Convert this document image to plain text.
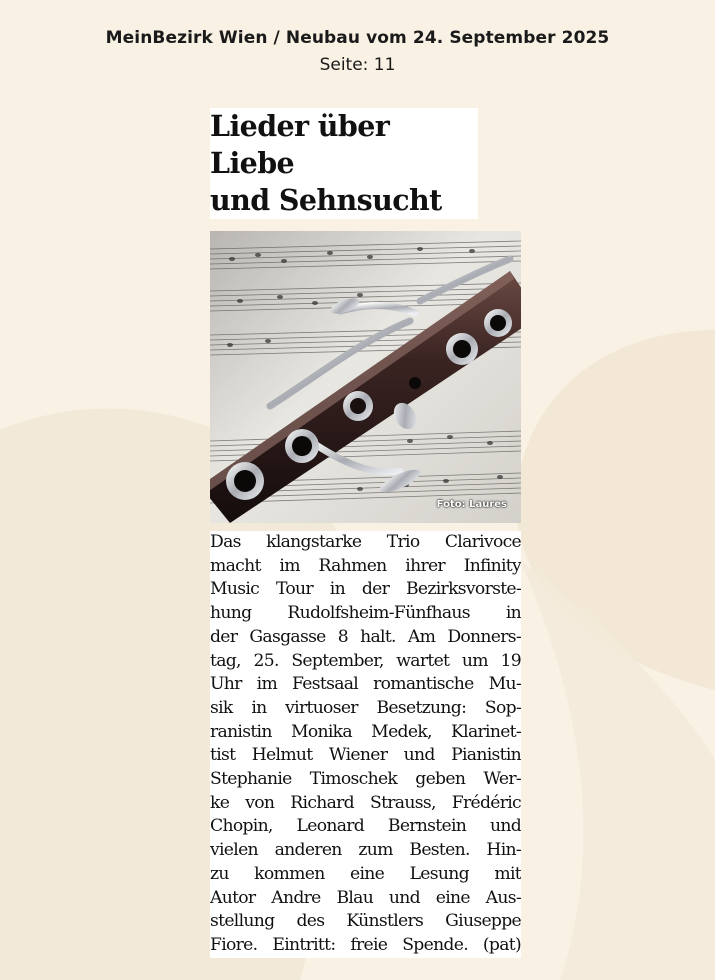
MeinBezirk Wien / Neubau vom 24. September 2025
Seite: 11
Lieder über Liebe
und Sehnsucht
Foto: Laures
Das klangstarke Trio Clarivoce
macht im Rahmen ihrer Infinity
Music Tour in der Bezirksvorste-
hung Rudolfsheim-Fünfhaus in
der Gasgasse 8 halt. Am Donners-
tag, 25. September, wartet um 19
Uhr im Festsaal romantische Mu-
sik in virtuoser Besetzung: Sop-
ranistin Monika Medek, Klarinet-
tist Helmut Wiener und Pianistin
Stephanie Timoschek geben Wer-
ke von Richard Strauss, Frédéric
Chopin, Leonard Bernstein und
vielen anderen zum Besten. Hin-
zu kommen eine Lesung mit
Autor Andre Blau und eine Aus-
stellung des Künstlers Giuseppe
Fiore. Eintritt: freie Spende. (pat)
